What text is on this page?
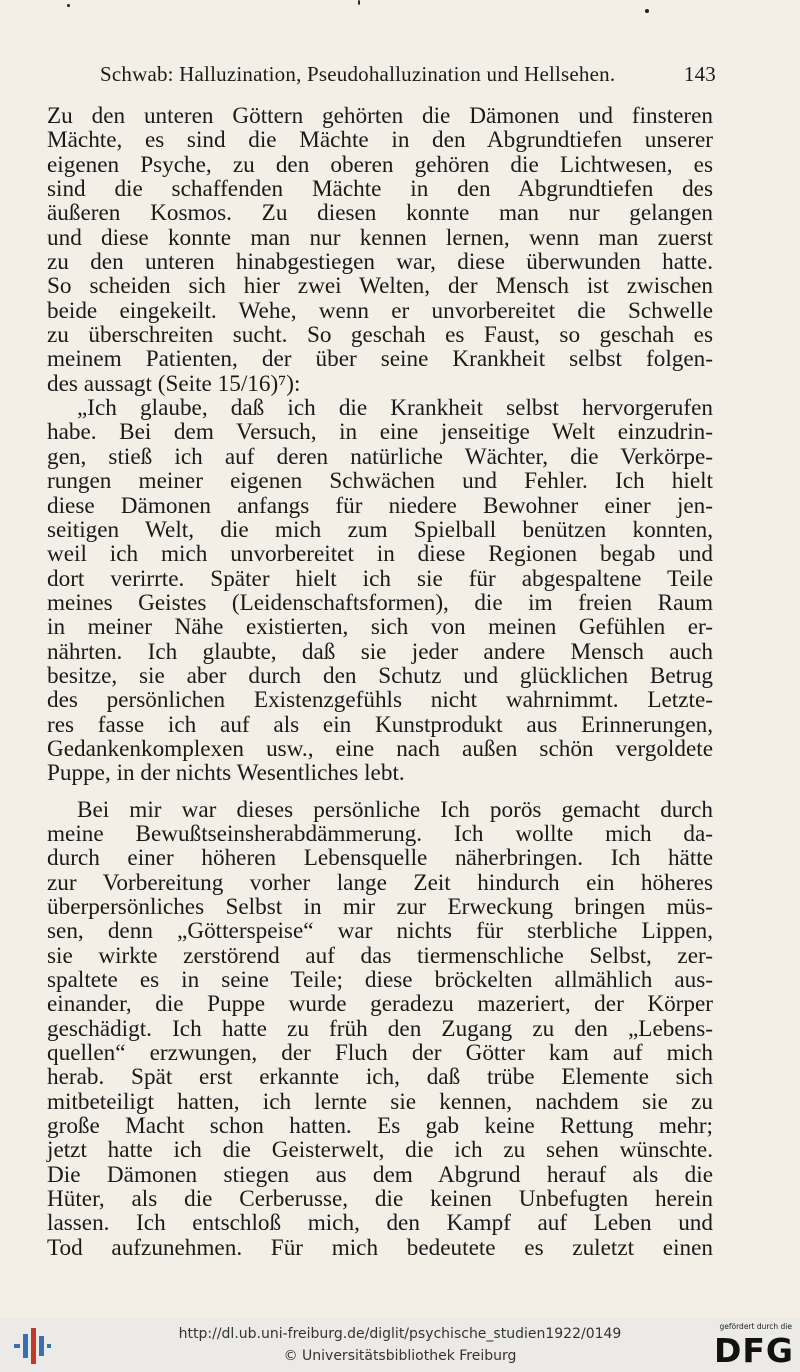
Schwab: Halluzination, Pseudohalluzination und Hellsehen.	143
Zu den unteren Göttern gehörten die Dämonen und finsteren
Mächte, es sind die Mächte in den Abgrundtiefen unserer
eigenen Psyche, zu den oberen gehören die Lichtwesen, es
sind die schaffenden Mächte in den Abgrundtiefen des
äußeren Kosmos. Zu diesen konnte man nur gelangen
und diese konnte man nur kennen lernen, wenn man zuerst
zu den unteren hinabgestiegen war, diese überwunden hatte.
So scheiden sich hier zwei Welten, der Mensch ist zwischen
beide eingekeilt. Wehe, wenn er unvorbereitet die Schwelle
zu überschreiten sucht. So geschah es Faust, so geschah es
meinem Patienten, der über seine Krankheit selbst folgen-
des aussagt (Seite 15/16)⁷):
„Ich glaube, daß ich die Krankheit selbst hervorgerufen
habe. Bei dem Versuch, in eine jenseitige Welt einzudrin-
gen, stieß ich auf deren natürliche Wächter, die Verkörpe-
rungen meiner eigenen Schwächen und Fehler. Ich hielt
diese Dämonen anfangs für niedere Bewohner einer jen-
seitigen Welt, die mich zum Spielball benützen konnten,
weil ich mich unvorbereitet in diese Regionen begab und
dort verirrte. Später hielt ich sie für abgespaltene Teile
meines Geistes (Leidenschaftsformen), die im freien Raum
in meiner Nähe existierten, sich von meinen Gefühlen er-
nährten. Ich glaubte, daß sie jeder andere Mensch auch
besitze, sie aber durch den Schutz und glücklichen Betrug
des persönlichen Existenzgefühls nicht wahrnimmt. Letzte-
res fasse ich auf als ein Kunstprodukt aus Erinnerungen,
Gedankenkomplexen usw., eine nach außen schön vergoldete
Puppe, in der nichts Wesentliches lebt.
Bei mir war dieses persönliche Ich porös gemacht durch
meine Bewußtseinsherabdämmerung. Ich wollte mich da-
durch einer höheren Lebensquelle näherbringen. Ich hätte
zur Vorbereitung vorher lange Zeit hindurch ein höheres
überpersönliches Selbst in mir zur Erweckung bringen müs-
sen, denn „Götterspeise“ war nichts für sterbliche Lippen,
sie wirkte zerstörend auf das tiermenschliche Selbst, zer-
spaltete es in seine Teile; diese bröckelten allmählich aus-
einander, die Puppe wurde geradezu mazeriert, der Körper
geschädigt. Ich hatte zu früh den Zugang zu den „Lebens-
quellen“ erzwungen, der Fluch der Götter kam auf mich
herab. Spät erst erkannte ich, daß trübe Elemente sich
mitbeteiligt hatten, ich lernte sie kennen, nachdem sie zu
große Macht schon hatten. Es gab keine Rettung mehr;
jetzt hatte ich die Geisterwelt, die ich zu sehen wünschte.
Die Dämonen stiegen aus dem Abgrund herauf als die
Hüter, als die Cerberusse, die keinen Unbefugten herein
lassen. Ich entschloß mich, den Kampf auf Leben und
Tod aufzunehmen. Für mich bedeutete es zuletzt einen
http://dl.ub.uni-freiburg.de/diglit/psychische_studien1922/0149
© Universitätsbibliothek Freiburg
gefördert durch die
DFG
